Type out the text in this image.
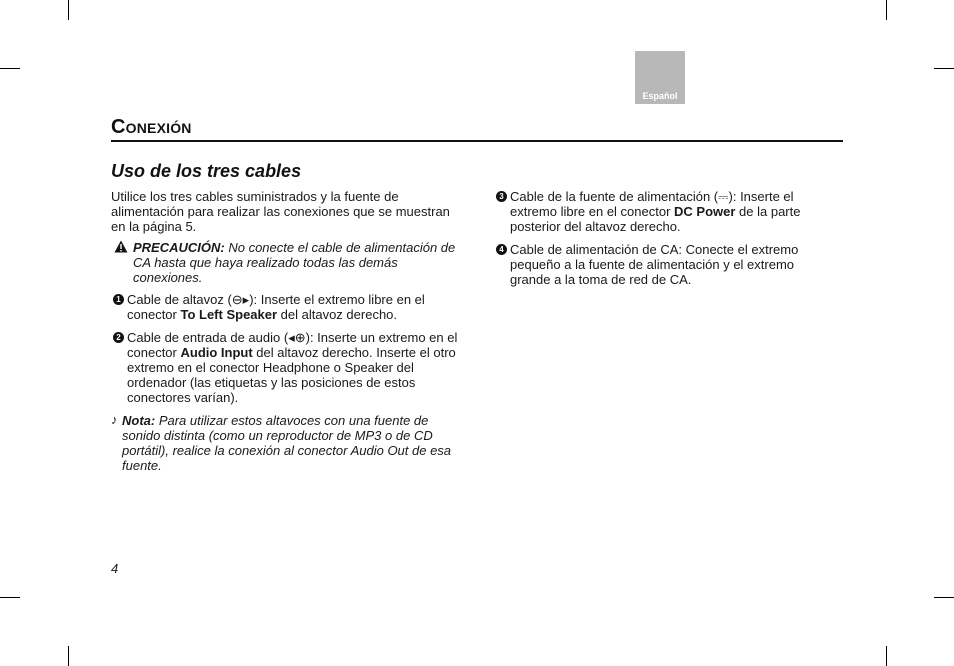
Español
Conexión
Uso de los tres cables

Utilice los tres cables suministrados y la fuente de alimentación para realizar las conexiones que se muestran en la página 5.

PRECAUCIÓN: No conecte el cable de alimentación de CA hasta que haya realizado todas las demás conexiones.

1 Cable de altavoz (⊖▸): Inserte el extremo libre en el conector To Left Speaker del altavoz derecho.

2 Cable de entrada de audio (◂⊕): Inserte un extremo en el conector Audio Input del altavoz derecho. Inserte el otro extremo en el conector Headphone o Speaker del ordenador (las etiquetas y las posiciones de estos conectores varían).

♪ Nota: Para utilizar estos altavoces con una fuente de sonido distinta (como un reproductor de MP3 o de CD portátil), realice la conexión al conector Audio Out de esa fuente.

3 Cable de la fuente de alimentación (⎓): Inserte el extremo libre en el conector DC Power de la parte posterior del altavoz derecho.

4 Cable de alimentación de CA: Conecte el extremo pequeño a la fuente de alimentación y el extremo grande a la toma de red de CA.

4
